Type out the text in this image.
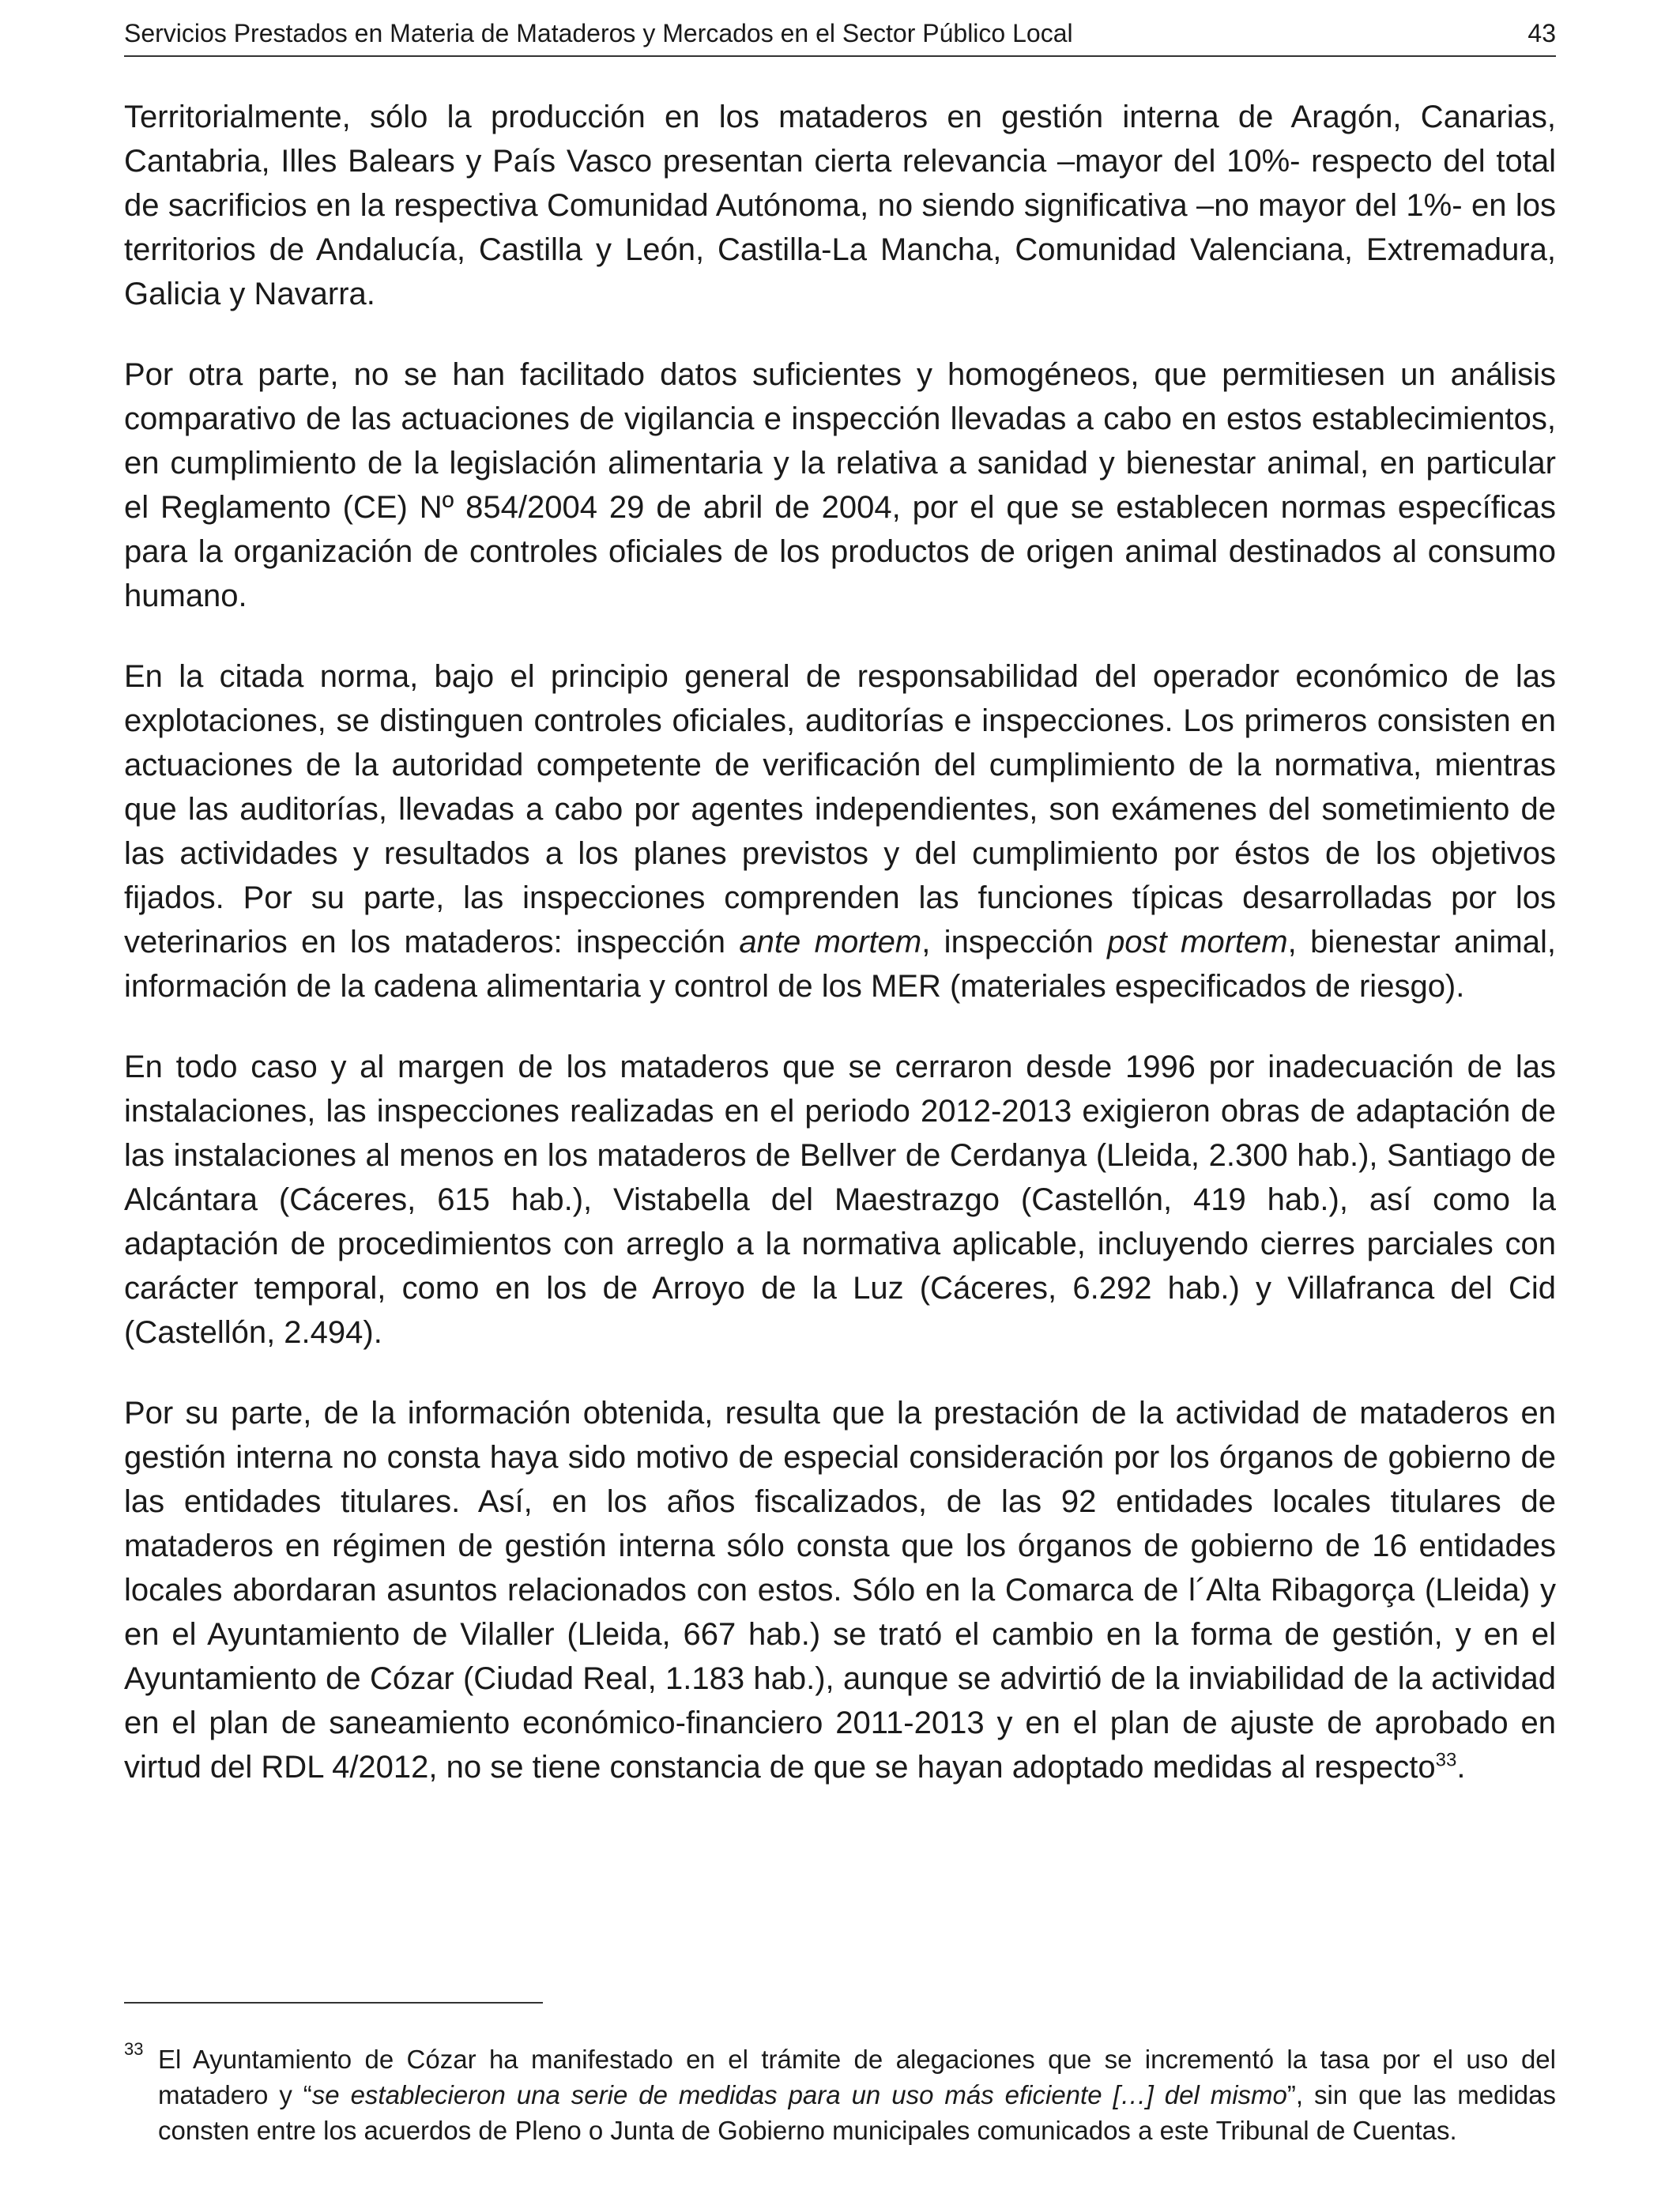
Servicios Prestados en Materia de Mataderos y Mercados en el Sector Público Local	43

Territorialmente, sólo la producción en los mataderos en gestión interna de Aragón, Canarias, Cantabria, Illes Balears y País Vasco presentan cierta relevancia –mayor del 10%- respecto del total de sacrificios en la respectiva Comunidad Autónoma, no siendo significativa –no mayor del 1%- en los territorios de Andalucía, Castilla y León, Castilla-La Mancha, Comunidad Valenciana, Extremadura, Galicia y Navarra.

Por otra parte, no se han facilitado datos suficientes y homogéneos, que permitiesen un análisis comparativo de las actuaciones de vigilancia e inspección llevadas a cabo en estos establecimientos, en cumplimiento de la legislación alimentaria y la relativa a sanidad y bienestar animal, en particular el Reglamento (CE) Nº 854/2004 29 de abril de 2004, por el que se establecen normas específicas para la organización de controles oficiales de los productos de origen animal destinados al consumo humano.

En la citada norma, bajo el principio general de responsabilidad del operador económico de las explotaciones, se distinguen controles oficiales, auditorías e inspecciones. Los primeros consisten en actuaciones de la autoridad competente de verificación del cumplimiento de la normativa, mientras que las auditorías, llevadas a cabo por agentes independientes, son exámenes del sometimiento de las actividades y resultados a los planes previstos y del cumplimiento por éstos de los objetivos fijados. Por su parte, las inspecciones comprenden las funciones típicas desarrolladas por los veterinarios en los mataderos: inspección ante mortem, inspección post mortem, bienestar animal, información de la cadena alimentaria y control de los MER (materiales especificados de riesgo).

En todo caso y al margen de los mataderos que se cerraron desde 1996 por inadecuación de las instalaciones, las inspecciones realizadas en el periodo 2012-2013 exigieron obras de adaptación de las instalaciones al menos en los mataderos de Bellver de Cerdanya (Lleida, 2.300 hab.), Santiago de Alcántara (Cáceres, 615 hab.), Vistabella del Maestrazgo (Castellón, 419 hab.), así como la adaptación de procedimientos con arreglo a la normativa aplicable, incluyendo cierres parciales con carácter temporal, como en los de Arroyo de la Luz (Cáceres, 6.292 hab.) y Villafranca del Cid (Castellón, 2.494).

Por su parte, de la información obtenida, resulta que la prestación de la actividad de mataderos en gestión interna no consta haya sido motivo de especial consideración por los órganos de gobierno de las entidades titulares. Así, en los años fiscalizados, de las 92 entidades locales titulares de mataderos en régimen de gestión interna sólo consta que los órganos de gobierno de 16 entidades locales abordaran asuntos relacionados con estos. Sólo en la Comarca de l´Alta Ribagorça (Lleida) y en el Ayuntamiento de Vilaller (Lleida, 667 hab.) se trató el cambio en la forma de gestión, y en el Ayuntamiento de Cózar (Ciudad Real, 1.183 hab.), aunque se advirtió de la inviabilidad de la actividad en el plan de saneamiento económico-financiero 2011-2013 y en el plan de ajuste de aprobado en virtud del RDL 4/2012, no se tiene constancia de que se hayan adoptado medidas al respecto$^{33}$.

33 El Ayuntamiento de Cózar ha manifestado en el trámite de alegaciones que se incrementó la tasa por el uso del matadero y “se establecieron una serie de medidas para un uso más eficiente […] del mismo”, sin que las medidas consten entre los acuerdos de Pleno o Junta de Gobierno municipales comunicados a este Tribunal de Cuentas.
